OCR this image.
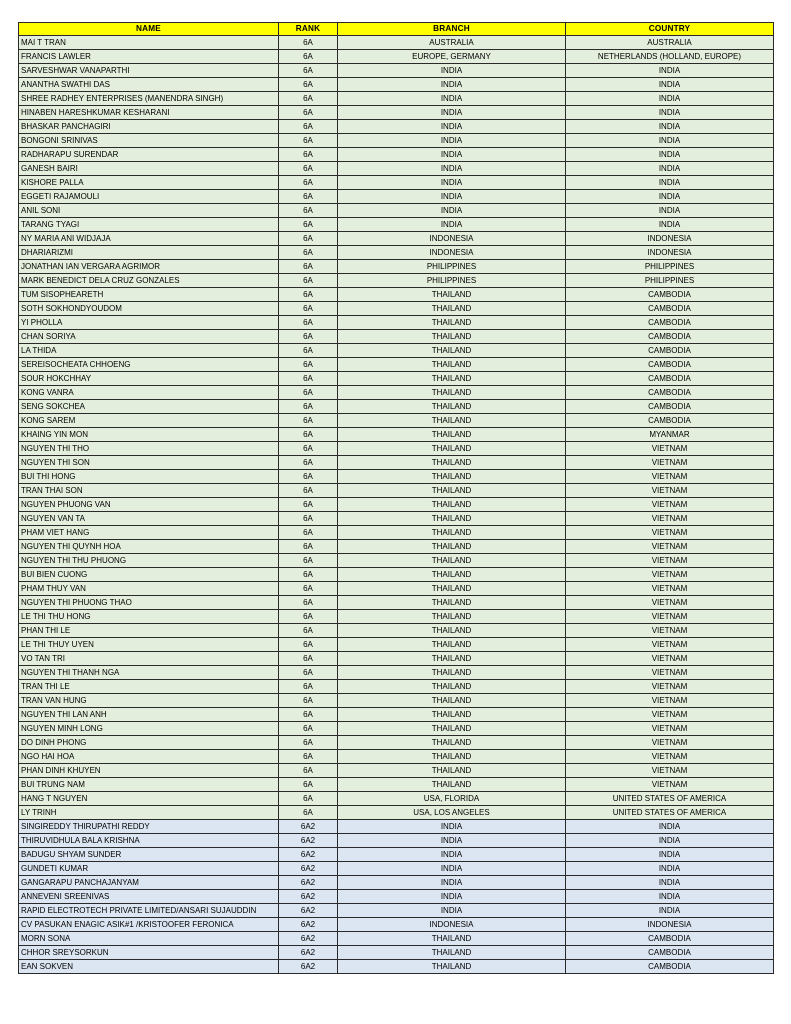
NAME	RANK	BRANCH	COUNTRY
MAI T TRAN	6A	AUSTRALIA	AUSTRALIA
FRANCIS LAWLER	6A	EUROPE, GERMANY	NETHERLANDS (HOLLAND, EUROPE)
SARVESHWAR VANAPARTHI	6A	INDIA	INDIA
ANANTHA SWATHI DAS	6A	INDIA	INDIA
SHREE RADHEY ENTERPRISES (MANENDRA SINGH)	6A	INDIA	INDIA
HINABEN HARESHKUMAR KESHARANI	6A	INDIA	INDIA
BHASKAR PANCHAGIRI	6A	INDIA	INDIA
BONGONI SRINIVAS	6A	INDIA	INDIA
RADHARAPU SURENDAR	6A	INDIA	INDIA
GANESH BAIRI	6A	INDIA	INDIA
KISHORE PALLA	6A	INDIA	INDIA
EGGETI RAJAMOULI	6A	INDIA	INDIA
ANIL SONI	6A	INDIA	INDIA
TARANG TYAGI	6A	INDIA	INDIA
NY MARIA ANI WIDJAJA	6A	INDONESIA	INDONESIA
DHARIARIZMI	6A	INDONESIA	INDONESIA
JONATHAN IAN VERGARA AGRIMOR	6A	PHILIPPINES	PHILIPPINES
MARK BENEDICT DELA CRUZ GONZALES	6A	PHILIPPINES	PHILIPPINES
TUM SISOPHEARETH	6A	THAILAND	CAMBODIA
SOTH SOKHONDYOUDOM	6A	THAILAND	CAMBODIA
YI PHOLLA	6A	THAILAND	CAMBODIA
CHAN SORIYA	6A	THAILAND	CAMBODIA
LA THIDA	6A	THAILAND	CAMBODIA
SEREISOCHEATA CHHOENG	6A	THAILAND	CAMBODIA
SOUR HOKCHHAY	6A	THAILAND	CAMBODIA
KONG VANRA	6A	THAILAND	CAMBODIA
SENG SOKCHEA	6A	THAILAND	CAMBODIA
KONG SAREM	6A	THAILAND	CAMBODIA
KHAING YIN MON	6A	THAILAND	MYANMAR
NGUYEN THI THO	6A	THAILAND	VIETNAM
NGUYEN THI SON	6A	THAILAND	VIETNAM
BUI THI HONG	6A	THAILAND	VIETNAM
TRAN THAI SON	6A	THAILAND	VIETNAM
NGUYEN PHUONG VAN	6A	THAILAND	VIETNAM
NGUYEN VAN TA	6A	THAILAND	VIETNAM
PHAM VIET HANG	6A	THAILAND	VIETNAM
NGUYEN THI QUYNH HOA	6A	THAILAND	VIETNAM
NGUYEN THI THU PHUONG	6A	THAILAND	VIETNAM
BUI BIEN CUONG	6A	THAILAND	VIETNAM
PHAM THUY VAN	6A	THAILAND	VIETNAM
NGUYEN THI PHUONG THAO	6A	THAILAND	VIETNAM
LE THI THU HONG	6A	THAILAND	VIETNAM
PHAN THI LE	6A	THAILAND	VIETNAM
LE THI THUY UYEN	6A	THAILAND	VIETNAM
VO TAN TRI	6A	THAILAND	VIETNAM
NGUYEN THI THANH NGA	6A	THAILAND	VIETNAM
TRAN THI LE	6A	THAILAND	VIETNAM
TRAN VAN HUNG	6A	THAILAND	VIETNAM
NGUYEN THI LAN ANH	6A	THAILAND	VIETNAM
NGUYEN MINH LONG	6A	THAILAND	VIETNAM
DO DINH PHONG	6A	THAILAND	VIETNAM
NGO HAI HOA	6A	THAILAND	VIETNAM
PHAN DINH KHUYEN	6A	THAILAND	VIETNAM
BUI TRUNG NAM	6A	THAILAND	VIETNAM
HANG T NGUYEN	6A	USA, FLORIDA	UNITED STATES OF AMERICA
LY TRINH	6A	USA, LOS ANGELES	UNITED STATES OF AMERICA
SINGIREDDY THIRUPATHI REDDY	6A2	INDIA	INDIA
THIRUVIDHULA BALA KRISHNA	6A2	INDIA	INDIA
BADUGU SHYAM SUNDER	6A2	INDIA	INDIA
GUNDETI KUMAR	6A2	INDIA	INDIA
GANGARAPU PANCHAJANYAM	6A2	INDIA	INDIA
ANNEVENI SREENIVAS	6A2	INDIA	INDIA
RAPID ELECTROTECH PRIVATE LIMITED/ANSARI SUJAUDDIN	6A2	INDIA	INDIA
CV PASUKAN ENAGIC ASIK#1 /KRISTOOFER FERONICA	6A2	INDONESIA	INDONESIA
MORN SONA	6A2	THAILAND	CAMBODIA
CHHOR SREYSORKUN	6A2	THAILAND	CAMBODIA
EAN SOKVEN	6A2	THAILAND	CAMBODIA
